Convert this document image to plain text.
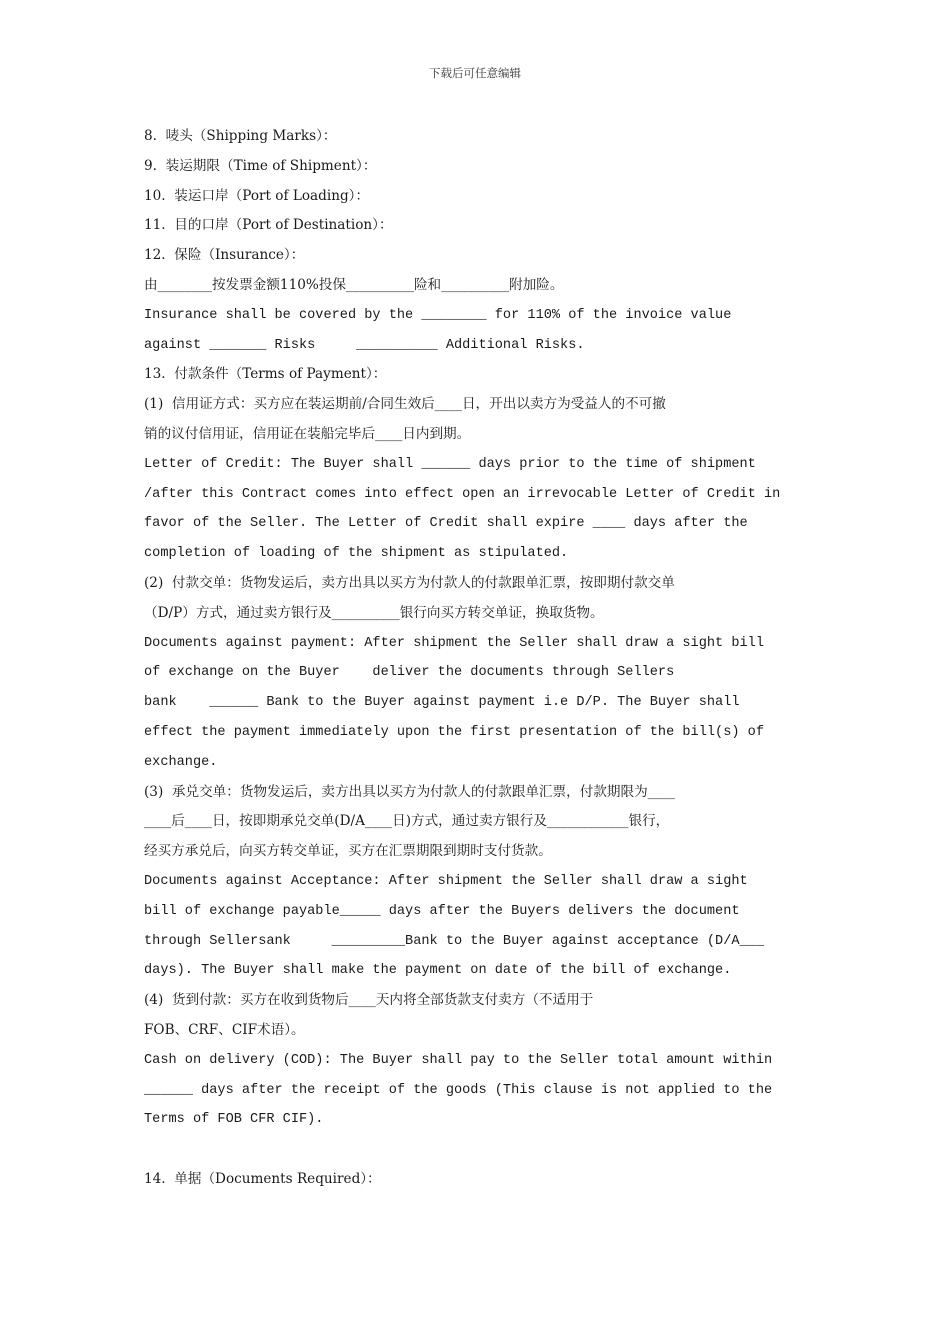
下载后可任意编辑
8.  唛头（Shipping Marks）：
9.  装运期限（Time of Shipment）：
10.  装运口岸（Port of Loading）：
11.  目的口岸（Port of Destination）：
12.  保险（Insurance）：
由________按发票金额110%投保__________险和__________附加险。
Insurance shall be covered by the ________ for 110% of the invoice value
against _______ Risks     __________ Additional Risks.
13.  付款条件（Terms of Payment）：
(1)  信用证方式：买方应在装运期前/合同生效后____日，开出以卖方为受益人的不可撤
销的议付信用证，信用证在装船完毕后____日内到期。
Letter of Credit: The Buyer shall ______ days prior to the time of shipment
/after this Contract comes into effect open an irrevocable Letter of Credit in
favor of the Seller. The Letter of Credit shall expire ____ days after the
completion of loading of the shipment as stipulated.
(2)  付款交单：货物发运后，卖方出具以买方为付款人的付款跟单汇票，按即期付款交单
（D/P）方式，通过卖方银行及__________银行向买方转交单证，换取货物。
Documents against payment: After shipment the Seller shall draw a sight bill
of exchange on the Buyer    deliver the documents through Sellers
bank    ______ Bank to the Buyer against payment i.e D/P. The Buyer shall
effect the payment immediately upon the first presentation of the bill(s) of
exchange.
(3)  承兑交单：货物发运后，卖方出具以买方为付款人的付款跟单汇票，付款期限为____
____后____日，按即期承兑交单(D/A____日)方式，通过卖方银行及____________银行，
经买方承兑后，向买方转交单证，买方在汇票期限到期时支付货款。
Documents against Acceptance: After shipment the Seller shall draw a sight
bill of exchange payable_____ days after the Buyers delivers the document
through Sellersank     _________Bank to the Buyer against acceptance (D/A___
days). The Buyer shall make the payment on date of the bill of exchange.
(4)  货到付款：买方在收到货物后____天内将全部货款支付卖方（不适用于
FOB、CRF、CIF术语）。
Cash on delivery (COD): The Buyer shall pay to the Seller total amount within
______ days after the receipt of the goods (This clause is not applied to the
Terms of FOB CFR CIF).
14.  单据（Documents Required）：
